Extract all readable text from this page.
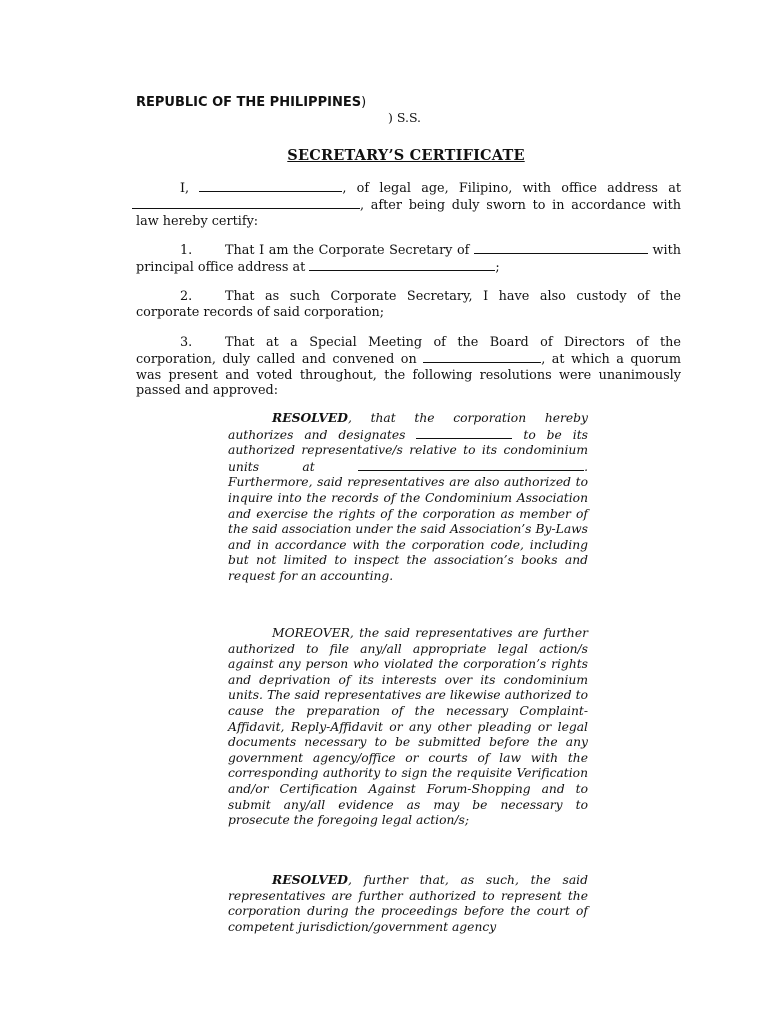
REPUBLIC OF THE PHILIPPINES)
) S.S.
SECRETARY’S CERTIFICATE

I,	, of legal age, Filipino, with office address at , after being duly sworn to in accordance with law hereby certify:

1.	That I am the Corporate Secretary of	with principal office address at	;

2.	That as such Corporate Secretary, I have also custody of the corporate records of said corporation;

3.	That at a Special Meeting of the Board of Directors of the corporation, duly called and convened on	, at which a quorum was present and voted throughout, the following resolutions were unanimously passed and approved:

RESOLVED, that the corporation hereby authorizes and designates	to be its authorized representative/s relative to its condominium units at	. Furthermore, said representatives are also authorized to inquire into the records of the Condominium Association and exercise the rights of the corporation as member of the said association under the said Association’s By-Laws and in accordance with the corporation code, including but not limited to inspect the association’s books and request for an accounting.

MOREOVER, the said representatives are further authorized to file any/all appropriate legal action/s against any person who violated the corporation’s rights and deprivation of its interests over its condominium units. The said representatives are likewise authorized to cause the preparation of the necessary Complaint-Affidavit, Reply-Affidavit or any other pleading or legal documents necessary to be submitted before the any government agency/office or courts of law with the corresponding authority to sign the requisite Verification and/or Certification Against Forum-Shopping and to submit any/all evidence as may be necessary to prosecute the foregoing legal action/s;

RESOLVED, further that, as such, the said representatives are further authorized to represent the corporation during the proceedings before the court of competent jurisdiction/government agency
